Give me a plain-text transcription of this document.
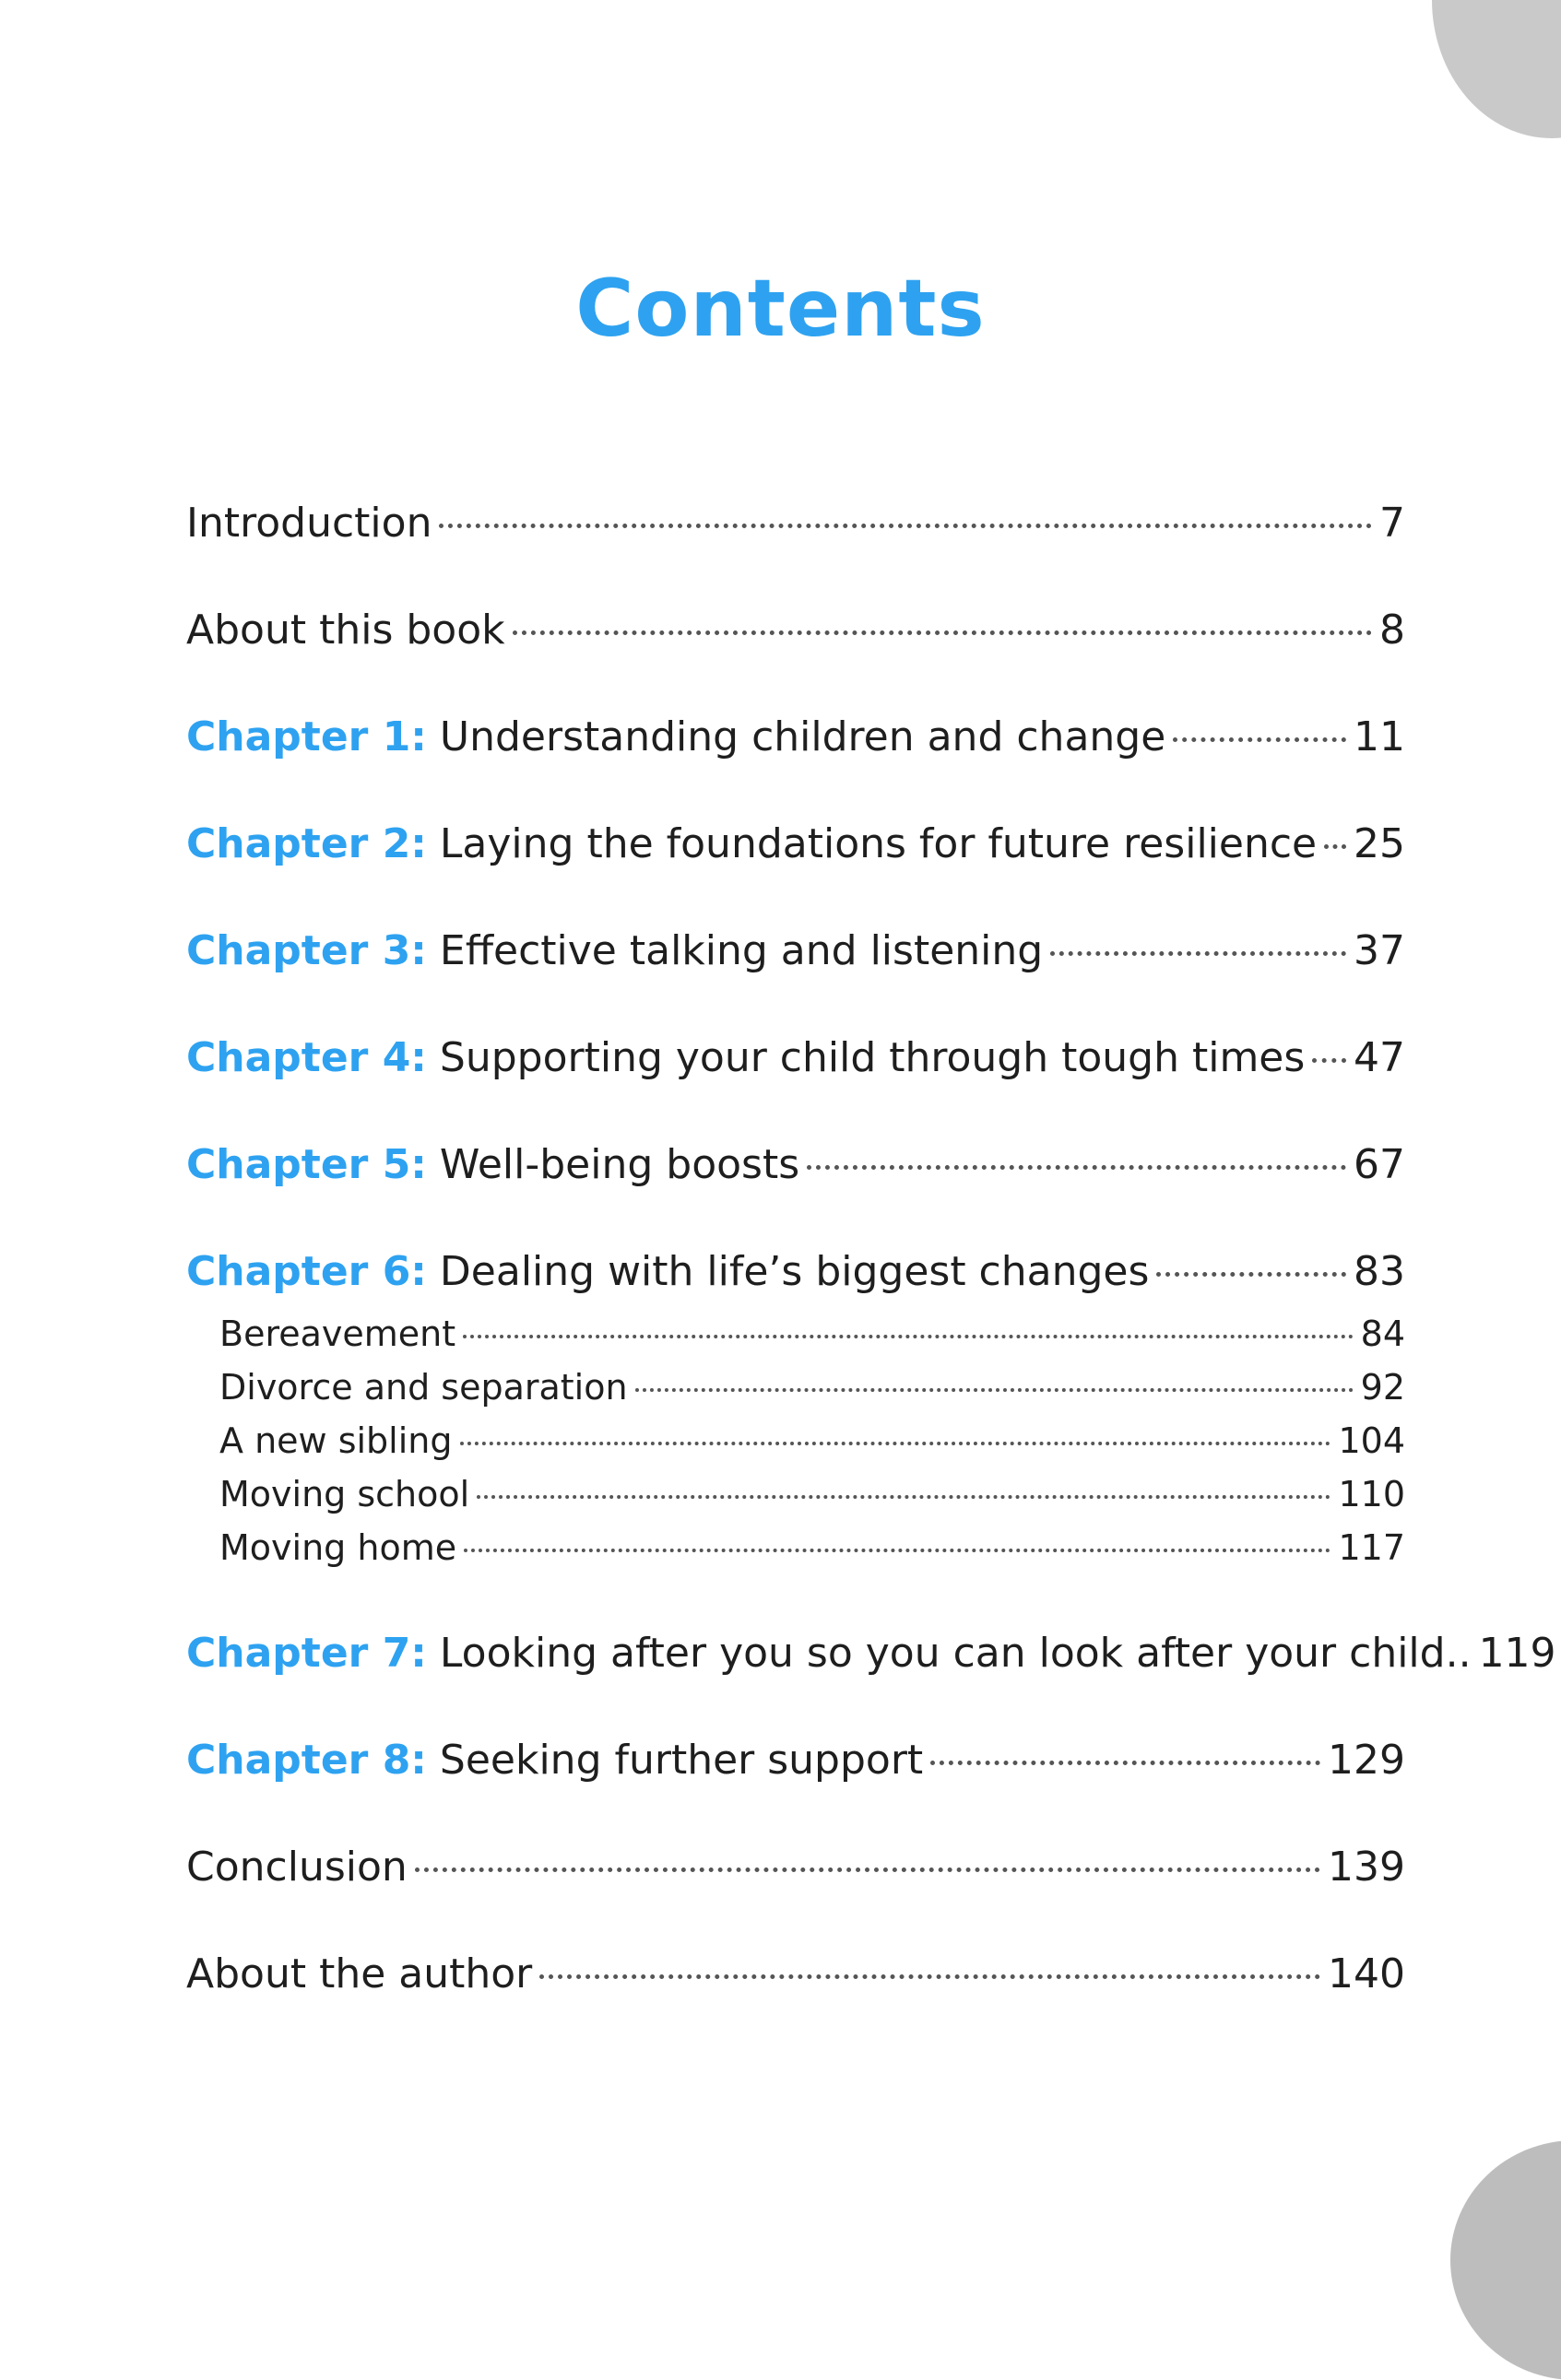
Contents
Introduction	7
About this book	8
Chapter 1: Understanding children and change	11
Chapter 2: Laying the foundations for future resilience 25
Chapter 3: Effective talking and listening	37
Chapter 4: Supporting your child through tough times 47
Chapter 5: Well-being boosts	67
Chapter 6: Dealing with life’s biggest changes	83
Bereavement	84
Divorce and separation	92
A new sibling	104
Moving school	110
Moving home	117
Chapter 7: Looking after you so you can look after your child.. 119
Chapter 8: Seeking further support	129
Conclusion	139
About the author	140
